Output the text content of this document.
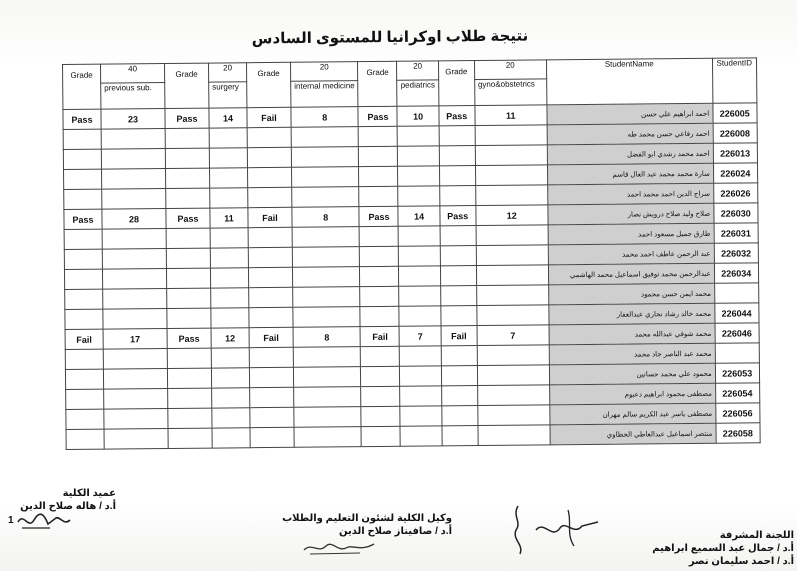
نتيجة طلاب اوكرانيا للمستوى السادس
Grade	40	Grade	20	Grade	20	Grade	20	Grade	20	StudentName	StudentID
	previous sub.		surgery		internal medicine		pediatrics		gyno&obstetrics		
Pass	23	Pass	14	Fail	8	Pass	10	Pass	11	احمد ابراهيم علي حسن	226005
										احمد رفاعي حسن محمد طه	226008
										احمد محمد رشدي ابو الفضل	226013
										سارة محمد محمد عبد العال قاسم	226024
										سراج الدين احمد محمد احمد	226026
Pass	28	Pass	11	Fail	8	Pass	14	Pass	12	صلاح وليد صلاح درويش نصار	226030
										طارق جميل مسعود احمد	226031
										عبد الرحمن عاطف احمد محمد	226032
										عبدالرحمن محمد توفيق اسماعيل محمد الهاشمي	226034
										محمد ايمن حسن محمود	
										محمد خالد رشاد نجاري عبدالغفار	226044
Fail	17	Pass	12	Fail	8	Fail	7	Fail	7	محمد شوقي عبدالله محمد	226046
										محمد عبد الناصر جاد محمد	
										محمود علي محمد حسانين	226053
										مصطفى محمود ابراهيم دعبوم	226054
										مصطفى ياسر عبد الكريم سالم مهران	226056
										منتصر اسماعيل عبدالعاطي الخطاوي	226058
عميد الكلية
أ.د / هاله صلاح الدين
1	وكيل الكلية لشئون التعليم والطلاب
أ.د / صافيناز صلاح الدين	اللجنة المشرفة
أ.د / جمال عبد السميع ابراهيم
أ.د / احمد سليمان نصر
